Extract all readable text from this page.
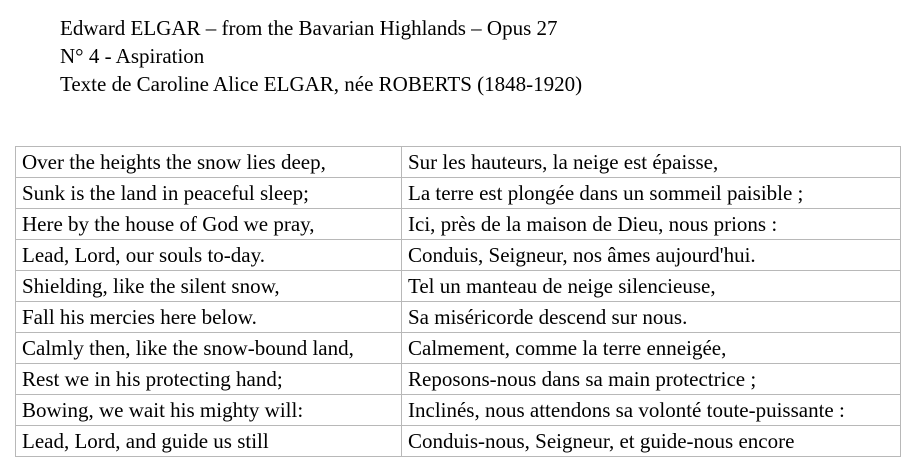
Edward ELGAR – from the Bavarian Highlands – Opus 27
N° 4 - Aspiration
Texte de Caroline Alice ELGAR, née ROBERTS (1848-1920)
Over the heights the snow lies deep,	Sur les hauteurs, la neige est épaisse,
Sunk is the land in peaceful sleep;	La terre est plongée dans un sommeil paisible ;
Here by the house of God we pray,	Ici, près de la maison de Dieu, nous prions :
Lead, Lord, our souls to-day.	Conduis, Seigneur, nos âmes aujourd'hui.
Shielding, like the silent snow,	Tel un manteau de neige silencieuse,
Fall his mercies here below.	Sa miséricorde descend sur nous.
Calmly then, like the snow-bound land,	Calmement, comme la terre enneigée,
Rest we in his protecting hand;	Reposons-nous dans sa main protectrice ;
Bowing, we wait his mighty will:	Inclinés, nous attendons sa volonté toute-puissante :
Lead, Lord, and guide us still	Conduis-nous, Seigneur, et guide-nous encore
